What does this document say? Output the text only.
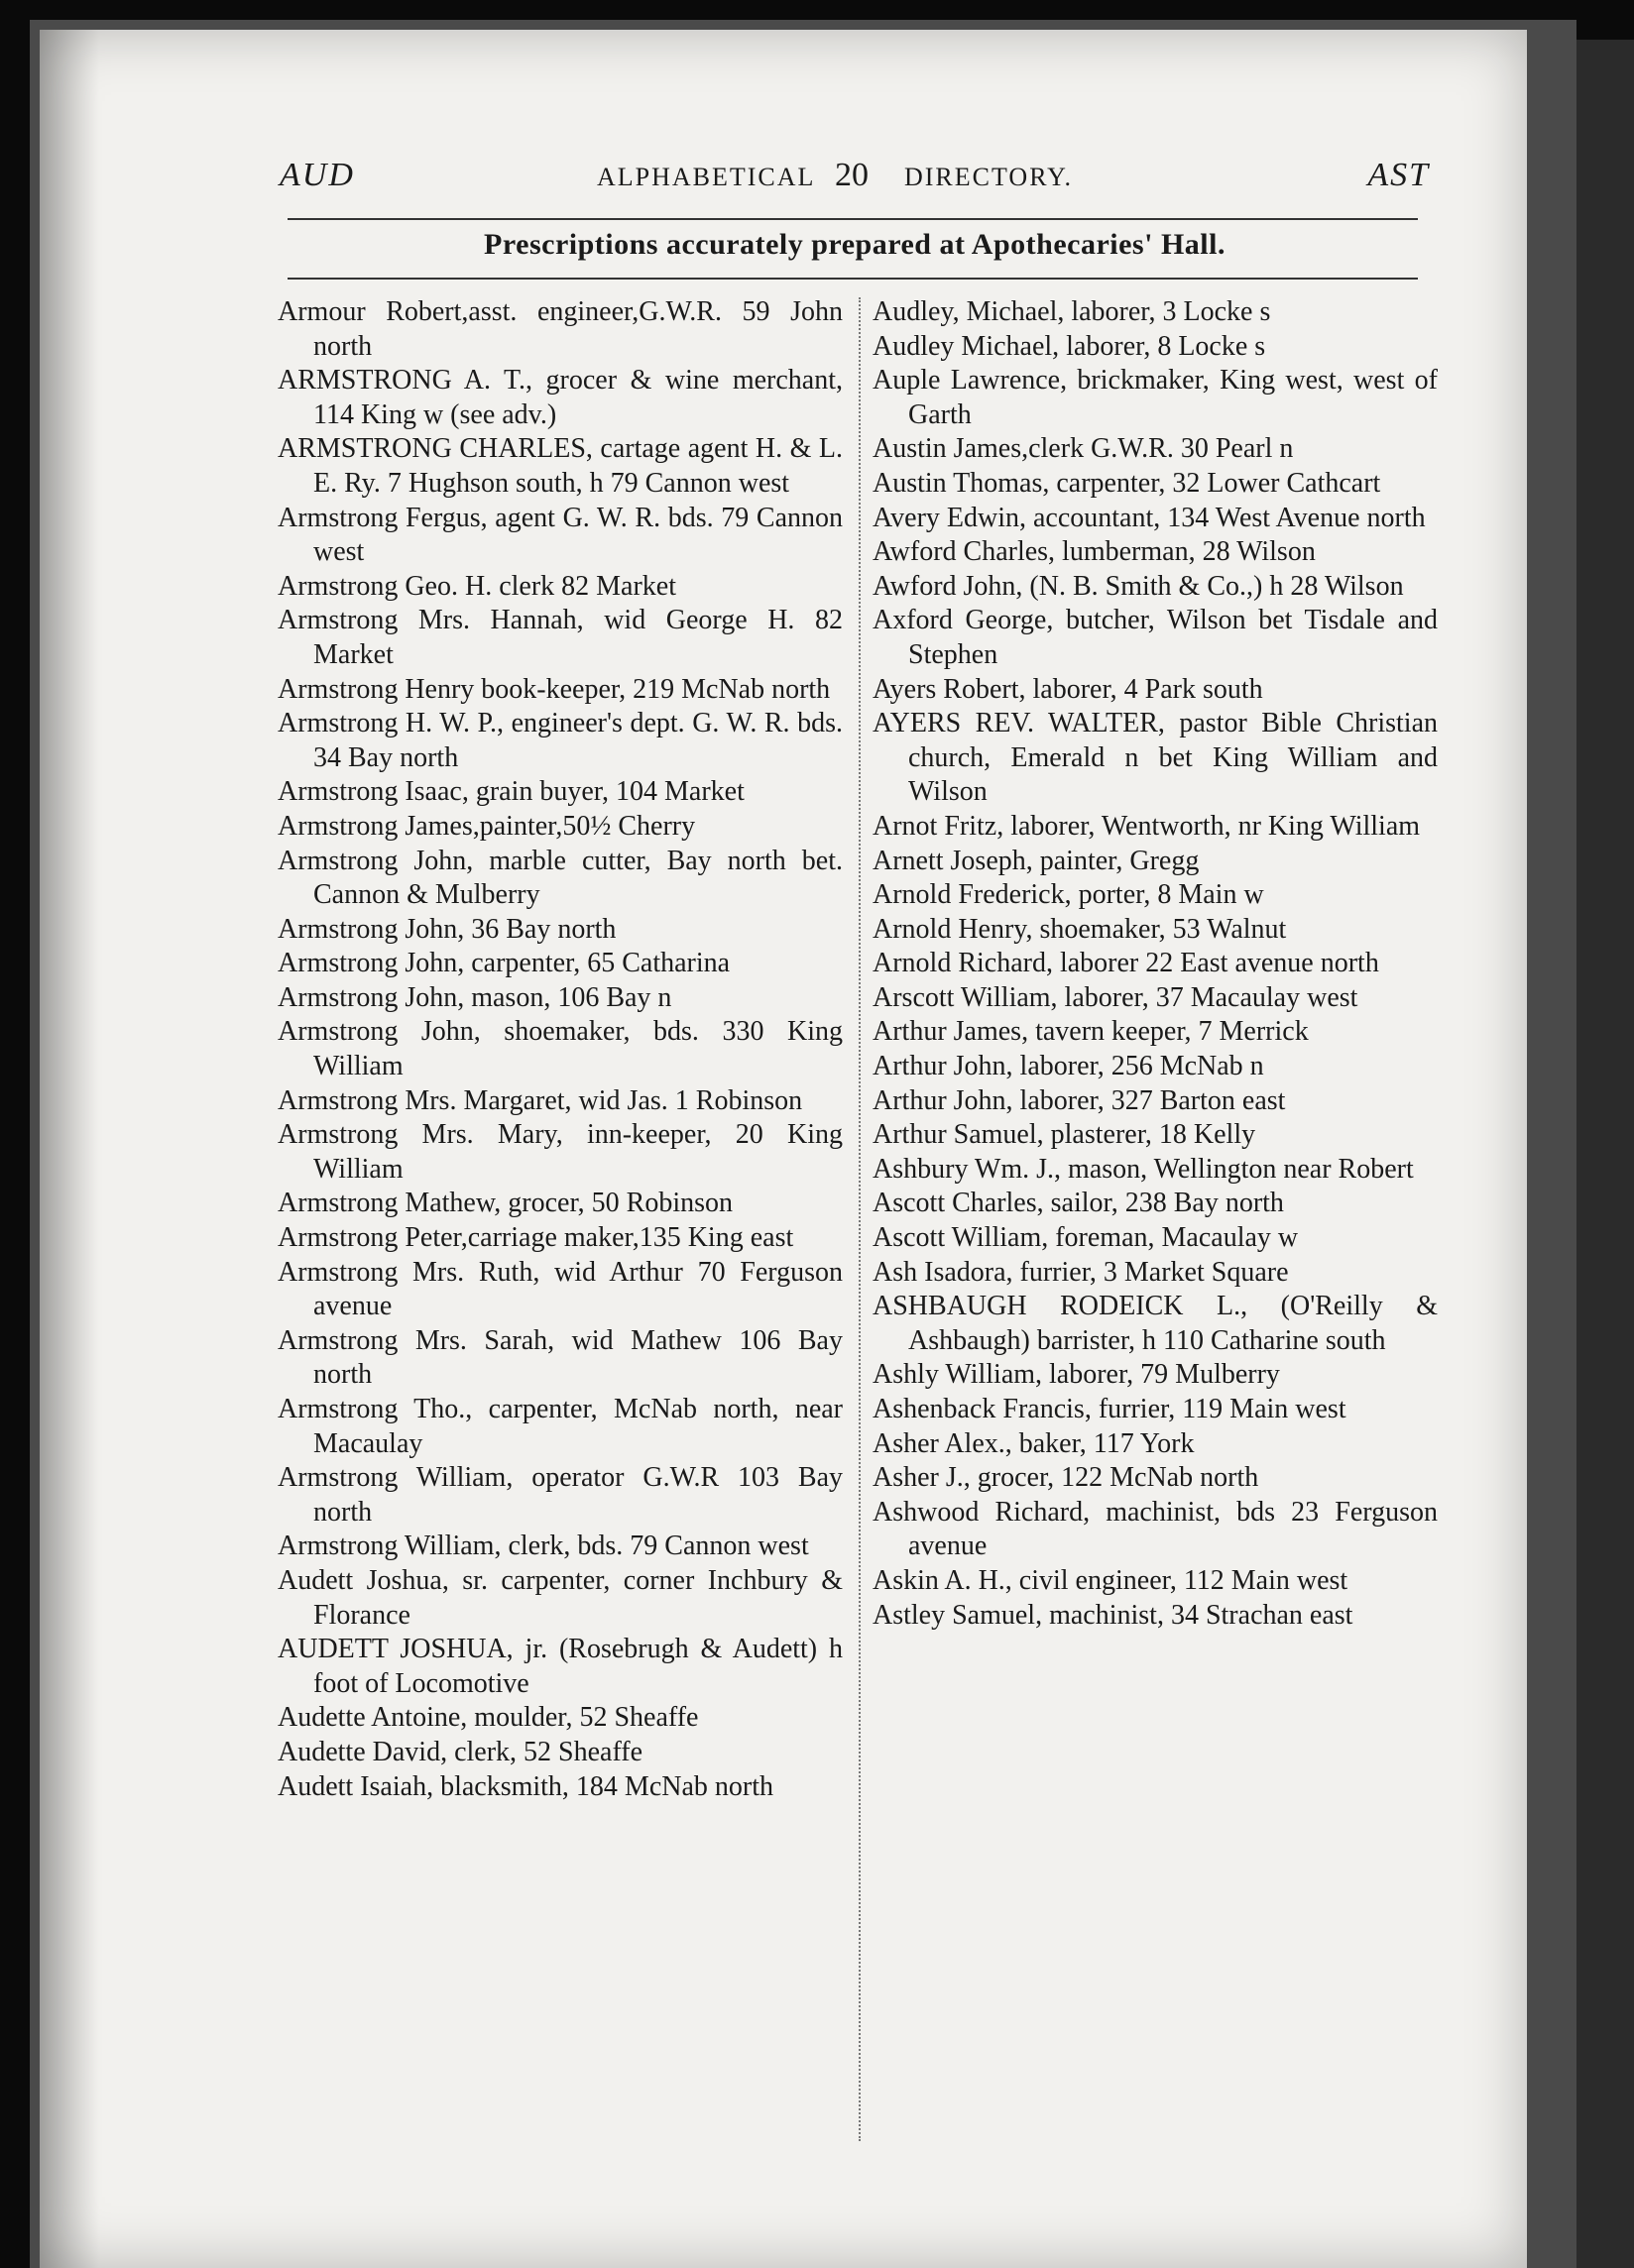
AUD	ALPHABETICAL 20 DIRECTORY.	AST
Prescriptions accurately prepared at Apothecaries' Hall.

Armour Robert,asst. engineer,G.W.R. 59 John north

ARMSTRONG A. T., grocer & wine merchant, 114 King w (see adv.)

ARMSTRONG CHARLES, cartage agent H. & L. E. Ry. 7 Hughson south, h 79 Cannon west

Armstrong Fergus, agent G. W. R. bds. 79 Cannon west

Armstrong Geo. H. clerk 82 Market

Armstrong Mrs. Hannah, wid George H. 82 Market

Armstrong Henry book-keeper, 219 McNab north

Armstrong H. W. P., engineer's dept. G. W. R. bds. 34 Bay north

Armstrong Isaac, grain buyer, 104 Market

Armstrong James,painter,50½ Cherry

Armstrong John, marble cutter, Bay north bet. Cannon & Mulberry

Armstrong John, 36 Bay north

Armstrong John, carpenter, 65 Catharina

Armstrong John, mason, 106 Bay n

Armstrong John, shoemaker, bds. 330 King William

Armstrong Mrs. Margaret, wid Jas. 1 Robinson

Armstrong Mrs. Mary, inn-keeper, 20 King William

Armstrong Mathew, grocer, 50 Robinson

Armstrong Peter,carriage maker,135 King east

Armstrong Mrs. Ruth, wid Arthur 70 Ferguson avenue

Armstrong Mrs. Sarah, wid Mathew 106 Bay north

Armstrong Tho., carpenter, McNab north, near Macaulay

Armstrong William, operator G.W.R 103 Bay north

Armstrong William, clerk, bds. 79 Cannon west

Audett Joshua, sr. carpenter, corner Inchbury & Florance

AUDETT JOSHUA, jr. (Rosebrugh & Audett) h foot of Locomotive

Audette Antoine, moulder, 52 Sheaffe

Audette David, clerk, 52 Sheaffe

Audett Isaiah, blacksmith, 184 McNab north

Audley, Michael, laborer, 3 Locke s

Audley Michael, laborer, 8 Locke s

Auple Lawrence, brickmaker, King west, west of Garth

Austin James,clerk G.W.R. 30 Pearl n

Austin Thomas, carpenter, 32 Lower Cathcart

Avery Edwin, accountant, 134 West Avenue north

Awford Charles, lumberman, 28 Wilson

Awford John, (N. B. Smith & Co.,) h 28 Wilson

Axford George, butcher, Wilson bet Tisdale and Stephen

Ayers Robert, laborer, 4 Park south

AYERS REV. WALTER, pastor Bible Christian church, Emerald n bet King William and Wilson

Arnot Fritz, laborer, Wentworth, nr King William

Arnett Joseph, painter, Gregg

Arnold Frederick, porter, 8 Main w

Arnold Henry, shoemaker, 53 Walnut

Arnold Richard, laborer 22 East avenue north

Arscott William, laborer, 37 Macaulay west

Arthur James, tavern keeper, 7 Merrick

Arthur John, laborer, 256 McNab n

Arthur John, laborer, 327 Barton east

Arthur Samuel, plasterer, 18 Kelly

Ashbury Wm. J., mason, Wellington near Robert

Ascott Charles, sailor, 238 Bay north

Ascott William, foreman, Macaulay w

Ash Isadora, furrier, 3 Market Square

ASHBAUGH RODEICK L., (O'Reilly & Ashbaugh) barrister, h 110 Catharine south

Ashly William, laborer, 79 Mulberry

Ashenback Francis, furrier, 119 Main west

Asher Alex., baker, 117 York

Asher J., grocer, 122 McNab north

Ashwood Richard, machinist, bds 23 Ferguson avenue

Askin A. H., civil engineer, 112 Main west

Astley Samuel, machinist, 34 Strachan east
